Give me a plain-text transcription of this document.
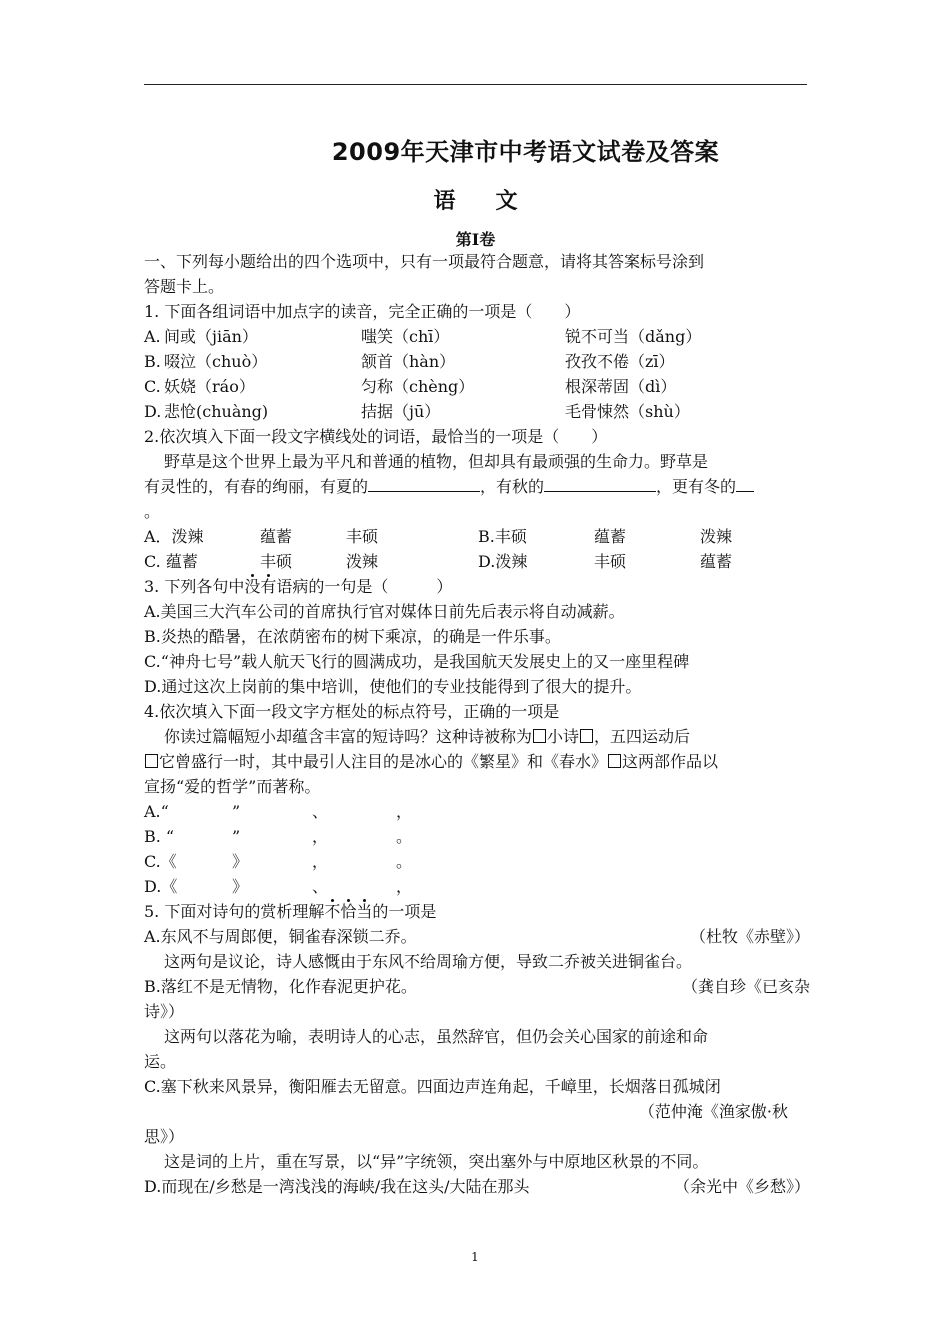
2009年天津市中考语文试卷及答案
语 文
第Ⅰ卷
一、下列每小题给出的四个选项中，只有一项最符合题意，请将其答案标号涂到
答题卡上。
1. 下面各组词语中加点字的读音，完全正确的一项是（　　）
A. 间或（jiān）	嗤笑（chī）	锐不可当（dǎng）
B. 啜泣（chuò）	颔首（hàn）	孜孜不倦（zī）
C. 妖娆（ráo）	匀称（chèng）	根深蒂固（dì）
D. 悲怆(chuàng)	拮据（jū）	毛骨悚然（shù）
2.依次填入下面一段文字横线处的词语，最恰当的一项是（　　）
野草是这个世界上最为平凡和普通的植物，但却具有最顽强的生命力。野草是
有灵性的，有春的绚丽，有夏的	，有秋的	，更有冬的
。
A．泼辣	蕴蓄	丰硕	B.丰硕	蕴蓄	泼辣
C. 蕴蓄	丰硕	泼辣	D.泼辣	丰硕	蕴蓄
3. 下列各句中没有语病的一句是（　　　）
A.美国三大汽车公司的首席执行官对媒体日前先后表示将自动减薪。
B.炎热的酷暑，在浓荫密布的树下乘凉，的确是一件乐事。
C.“神舟七号”载人航天飞行的圆满成功，是我国航天发展史上的又一座里程碑
D.通过这次上岗前的集中培训，使他们的专业技能得到了很大的提升。
4.依次填入下面一段文字方框处的标点符号，正确的一项是
你读过篇幅短小却蕴含丰富的短诗吗？这种诗被称为 小诗 ，五四运动后
它曾盛行一时，其中最引人注目的是冰心的《繁星》和《春水》 这两部作品以
宣扬“爱的哲学”而著称。
A.“	”	、	，
B. “	”	，	。
C.《	》	，	。
D.《	》	、	，
5. 下面对诗句的赏析理解不恰当的一项是
A.东风不与周郎便，铜雀春深锁二乔。	（杜牧《赤壁》）
这两句是议论，诗人感慨由于东风不给周瑜方便，导致二乔被关进铜雀台。
B.落红不是无情物，化作春泥更护花。	（龚自珍《已亥杂
诗》）
这两句以落花为喻，表明诗人的心志，虽然辞官，但仍会关心国家的前途和命
运。
C.塞下秋来风景异，衡阳雁去无留意。四面边声连角起，千嶂里，长烟落日孤城闭
（范仲淹《渔家傲·秋
思》）
这是词的上片，重在写景，以“异”字统领，突出塞外与中原地区秋景的不同。
D.而现在/乡愁是一湾浅浅的海峡/我在这头/大陆在那头	（余光中《乡愁》）
1
